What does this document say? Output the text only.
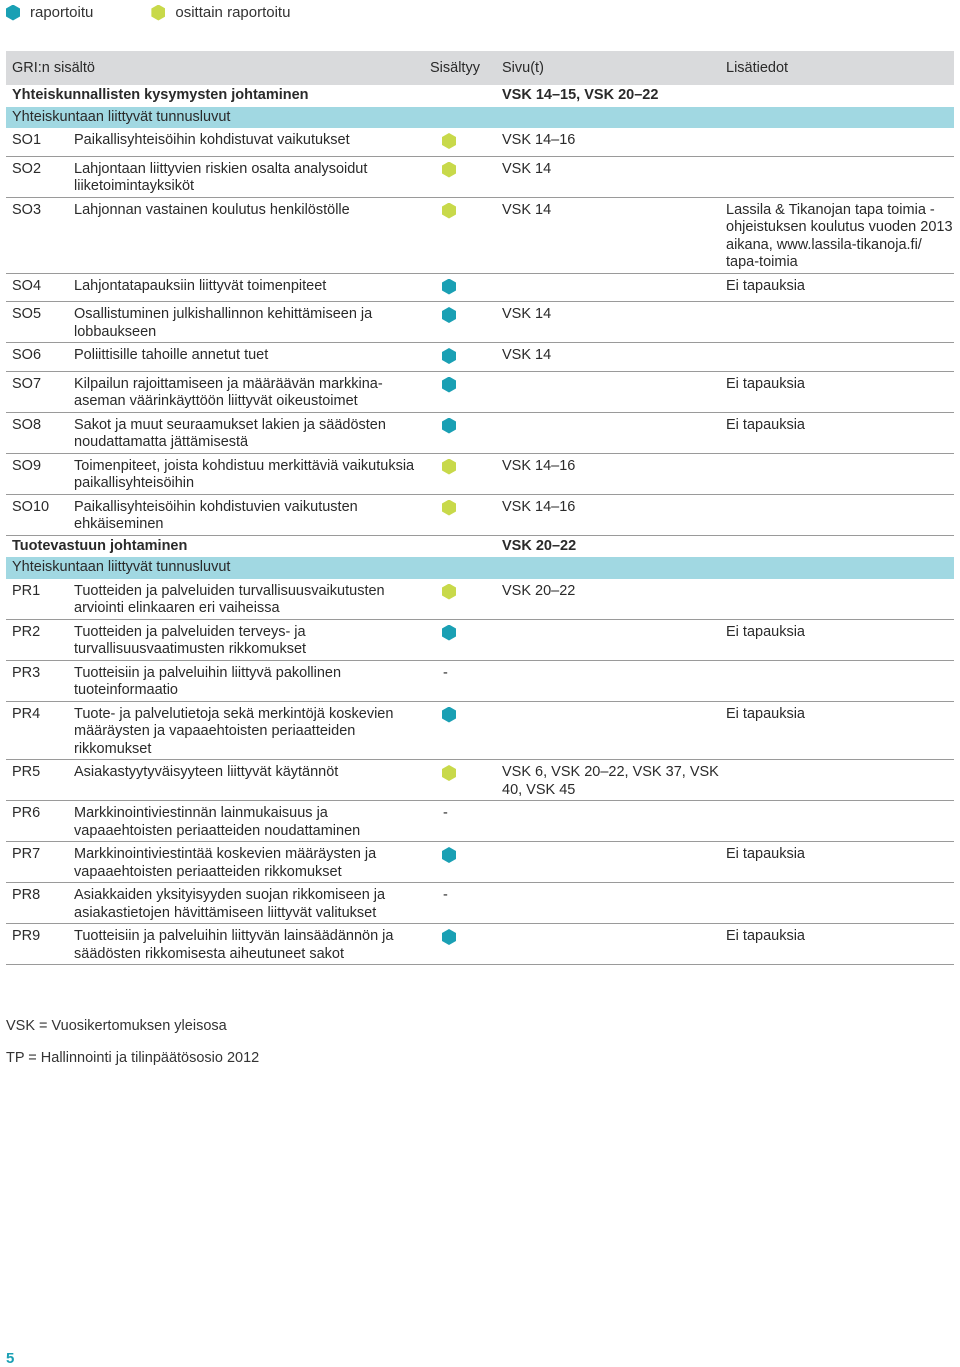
raportoitu	osittain raportoitu
GRI:n sisältö		Sisältyy	Sivu(t)	Lisätiedot
Yhteiskunnallisten kysymysten johtaminen			VSK 14–15, VSK 20–22	
Yhteiskuntaan liittyvät tunnusluvut				
SO1	Paikallisyhteisöihin kohdistuvat vaikutukset		VSK 14–16	
SO2	Lahjontaan liittyvien riskien osalta analysoidut liiketoimintayksiköt		VSK 14	
SO3	Lahjonnan vastainen koulutus henkilöstölle		VSK 14	Lassila & Tikanojan tapa toimia -ohjeistuksen koulutus vuoden 2013 aikana, www.lassila-tikanoja.fi/ tapa-toimia
SO4	Lahjontatapauksiin liittyvät toimenpiteet			Ei tapauksia
SO5	Osallistuminen julkishallinnon kehittämiseen ja lobbaukseen		VSK 14	
SO6	Poliittisille tahoille annetut tuet		VSK 14	
SO7	Kilpailun rajoittamiseen ja määräävän markkina-aseman väärinkäyttöön liittyvät oikeustoimet			Ei tapauksia
SO8	Sakot ja muut seuraamukset lakien ja säädösten noudattamatta jättämisestä			Ei tapauksia
SO9	Toimenpiteet, joista kohdistuu merkittäviä vaikutuksia paikallisyhteisöihin		VSK 14–16	
SO10	Paikallisyhteisöihin kohdistuvien vaikutusten ehkäiseminen		VSK 14–16	
Tuotevastuun johtaminen			VSK 20–22	
Yhteiskuntaan liittyvät tunnusluvut				
PR1	Tuotteiden ja palveluiden turvallisuusvaikutusten arviointi elinkaaren eri vaiheissa		VSK 20–22	
PR2	Tuotteiden ja palveluiden terveys- ja turvallisuusvaatimusten rikkomukset			Ei tapauksia
PR3	Tuotteisiin ja palveluihin liittyvä pakollinen tuoteinformaatio	-		
PR4	Tuote- ja palvelutietoja sekä merkintöjä koskevien määräysten ja vapaaehtoisten periaatteiden rikkomukset			Ei tapauksia
PR5	Asiakastyytyväisyyteen liittyvät käytännöt		VSK 6, VSK 20–22, VSK 37, VSK 40, VSK 45	
PR6	Markkinointiviestinnän lainmukaisuus ja vapaaehtoisten periaatteiden noudattaminen	-		
PR7	Markkinointiviestintää koskevien määräysten ja vapaaehtoisten periaatteiden rikkomukset			Ei tapauksia
PR8	Asiakkaiden yksityisyyden suojan rikkomiseen ja asiakastietojen hävittämiseen liittyvät valitukset	-		
PR9	Tuotteisiin ja palveluihin liittyvän lainsäädännön ja säädösten rikkomisesta aiheutuneet sakot			Ei tapauksia
VSK = Vuosikertomuksen yleisosa
TP = Hallinnointi ja tilinpäätösosio 2012
5
